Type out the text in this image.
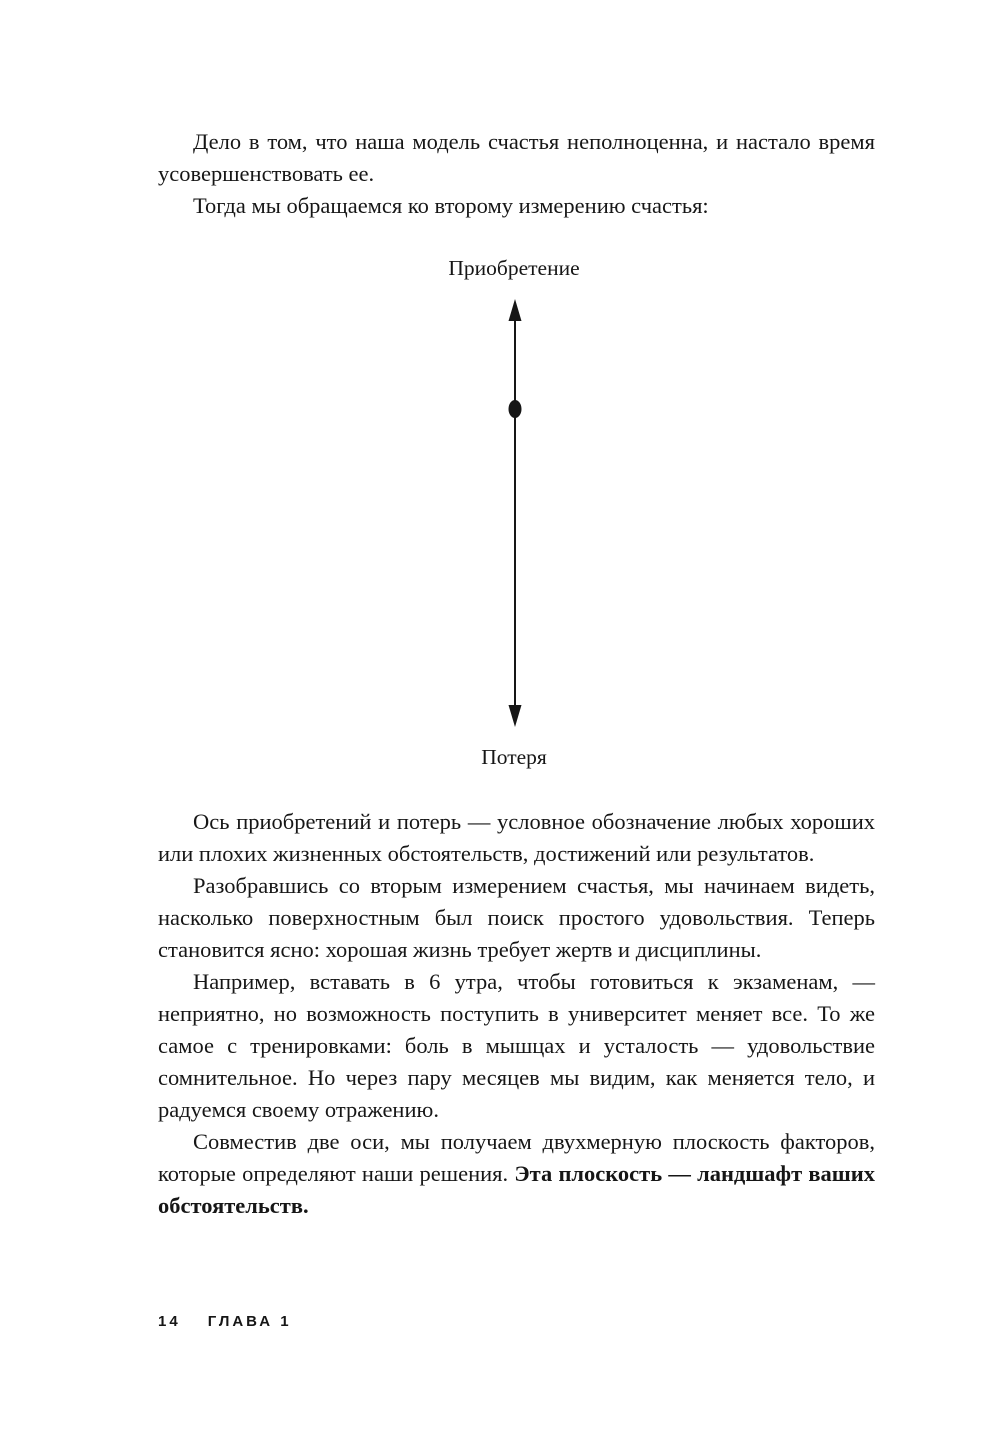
Дело в том, что наша модель счастья неполноценна, и настало время усовершенствовать ее.

Тогда мы обращаемся ко второму измерению счастья:

Приобретение
Потеря

Ось приобретений и потерь — условное обозначение любых хороших или плохих жизненных обстоятельств, достижений или результатов.

Разобравшись со вторым измерением счастья, мы начинаем видеть, насколько поверхностным был поиск простого удовольствия. Теперь становится ясно: хорошая жизнь требует жертв и дисциплины.

Например, вставать в 6 утра, чтобы готовиться к экзаменам, — неприятно, но возможность поступить в университет меняет все. То же самое с тренировками: боль в мышцах и усталость — удовольствие сомнительное. Но через пару месяцев мы видим, как меняется тело, и радуемся своему отражению.

Совместив две оси, мы получаем двухмерную плоскость факторов, которые определяют наши решения. Эта плоскость — ландшафт ваших обстоятельств.

14 ГЛАВА 1
